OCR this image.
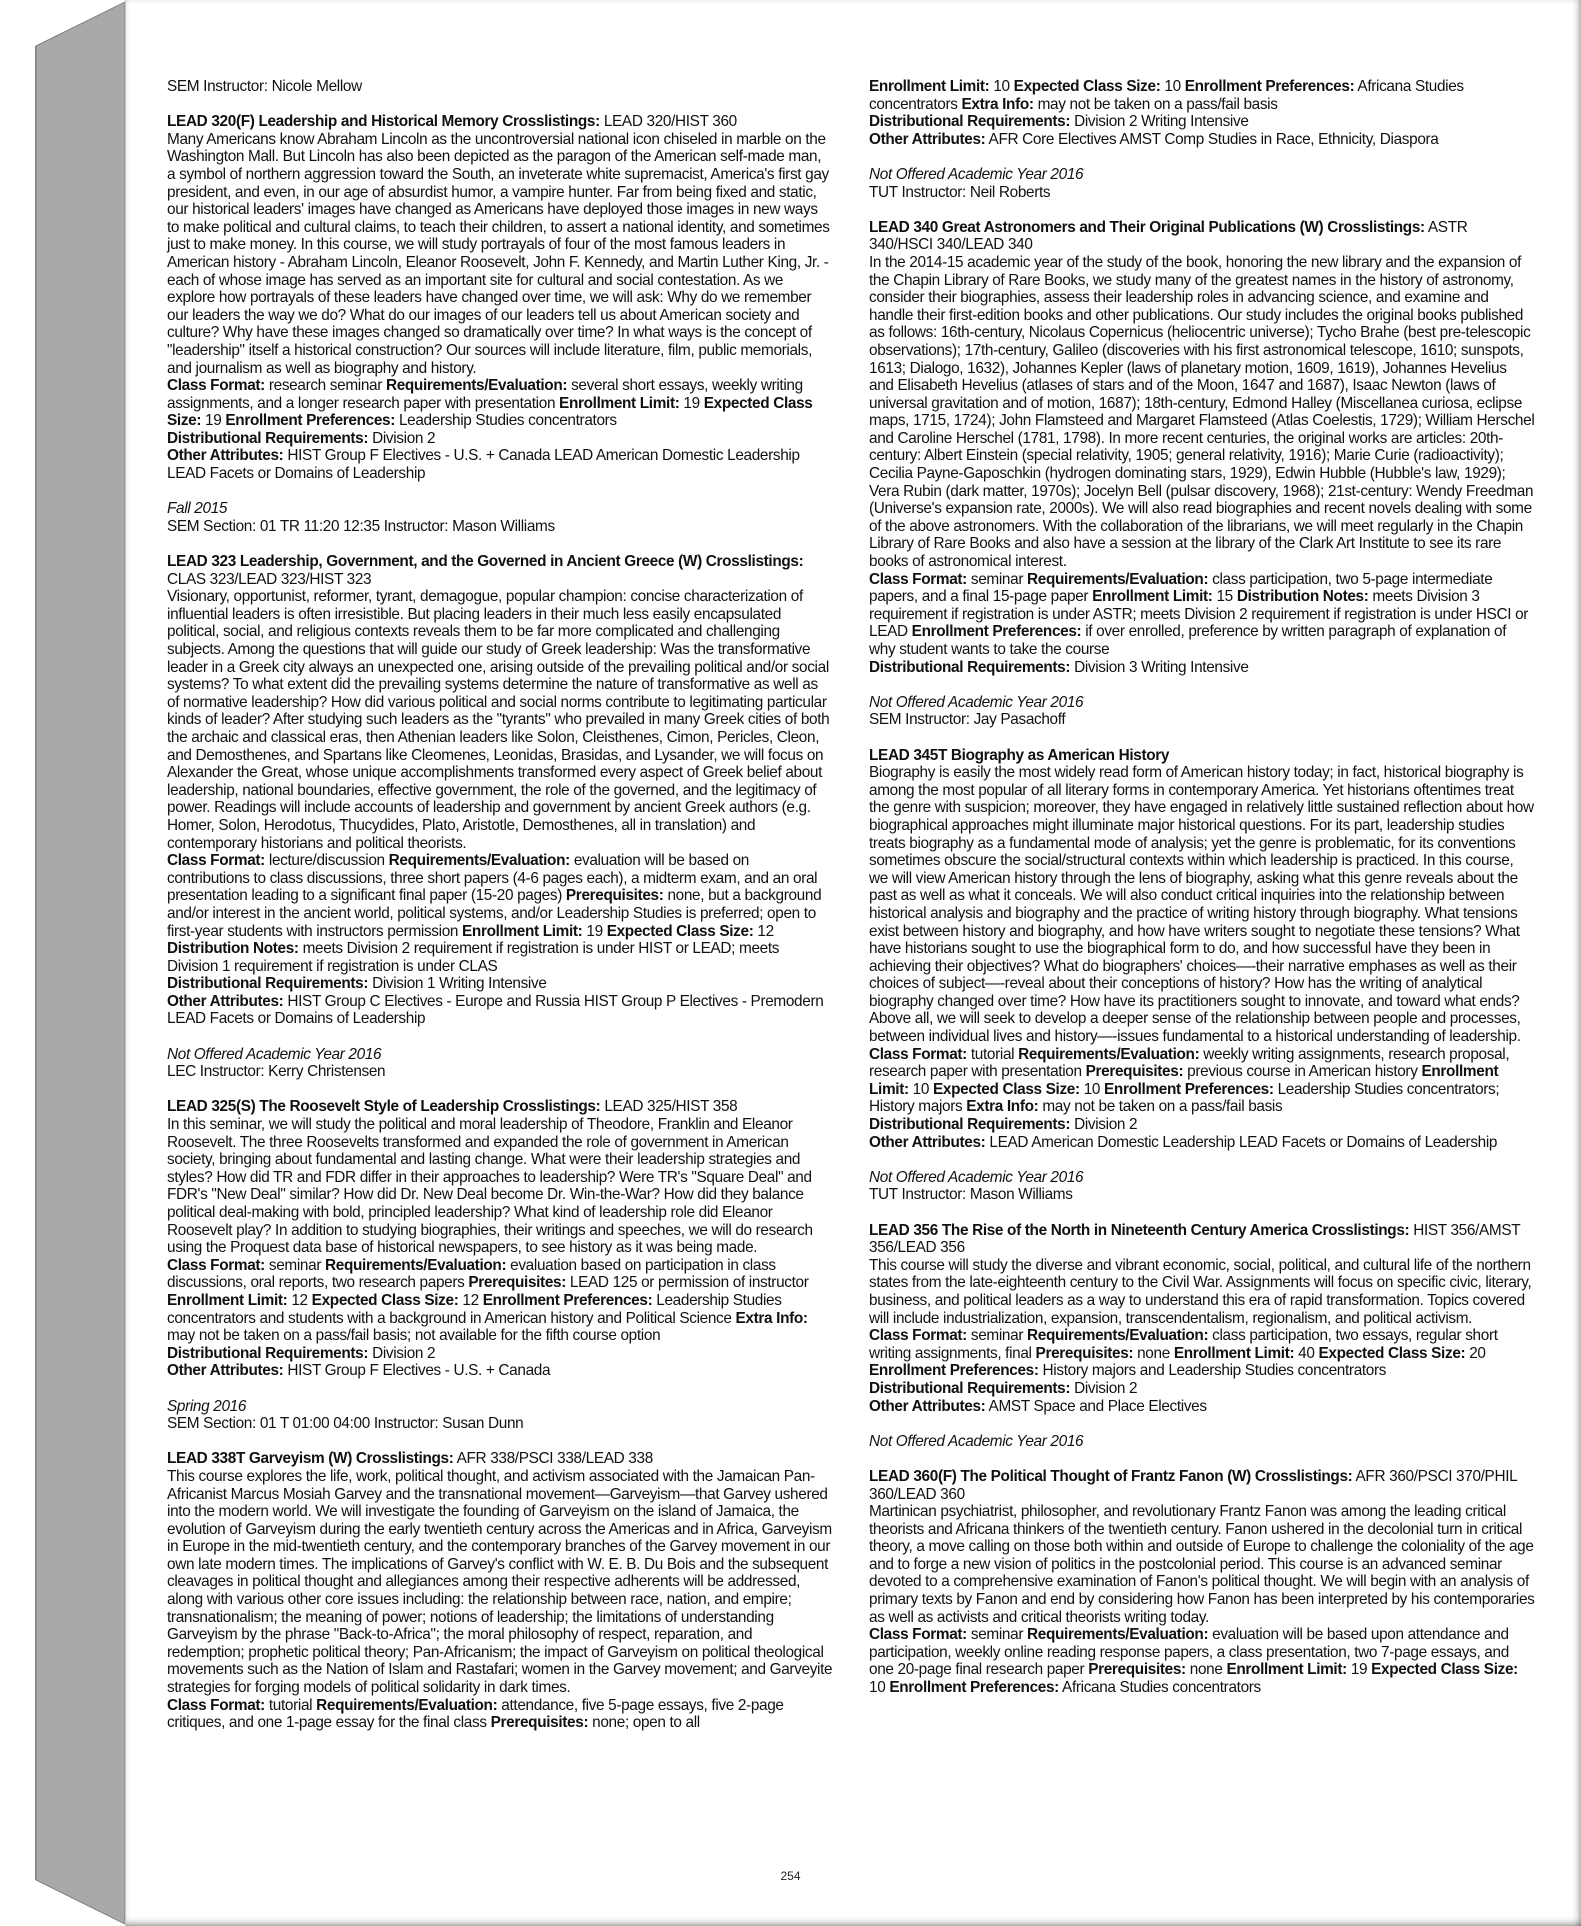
SEM Instructor: Nicole Mellow
LEAD 320(F) Leadership and Historical Memory Crosslistings: LEAD 320/HIST 360
Many Americans know Abraham Lincoln as the uncontroversial national icon chiseled in marble on the Washington Mall. But Lincoln has also been depicted as the paragon of the American self-made man, a symbol of northern aggression toward the South, an inveterate white supremacist, America's first gay president, and even, in our age of absurdist humor, a vampire hunter. Far from being fixed and static, our historical leaders' images have changed as Americans have deployed those images in new ways to make political and cultural claims, to teach their children, to assert a national identity, and sometimes just to make money. In this course, we will study portrayals of four of the most famous leaders in American history - Abraham Lincoln, Eleanor Roosevelt, John F. Kennedy, and Martin Luther King, Jr. - each of whose image has served as an important site for cultural and social contestation. As we explore how portrayals of these leaders have changed over time, we will ask: Why do we remember our leaders the way we do? What do our images of our leaders tell us about American society and culture? Why have these images changed so dramatically over time? In what ways is the concept of "leadership" itself a historical construction? Our sources will include literature, film, public memorials, and journalism as well as biography and history.
Class Format: research seminar Requirements/Evaluation: several short essays, weekly writing assignments, and a longer research paper with presentation Enrollment Limit: 19 Expected Class Size: 19 Enrollment Preferences: Leadership Studies concentrators
Distributional Requirements: Division 2
Other Attributes: HIST Group F Electives - U.S. + Canada LEAD American Domestic Leadership LEAD Facets or Domains of Leadership
Fall 2015
SEM Section: 01 TR 11:20 12:35 Instructor: Mason Williams
LEAD 323 Leadership, Government, and the Governed in Ancient Greece (W) Crosslistings: CLAS 323/LEAD 323/HIST 323
Visionary, opportunist, reformer, tyrant, demagogue, popular champion: concise characterization of influential leaders is often irresistible. But placing leaders in their much less easily encapsulated political, social, and religious contexts reveals them to be far more complicated and challenging subjects. Among the questions that will guide our study of Greek leadership: Was the transformative leader in a Greek city always an unexpected one, arising outside of the prevailing political and/or social systems? To what extent did the prevailing systems determine the nature of transformative as well as of normative leadership? How did various political and social norms contribute to legitimating particular kinds of leader? After studying such leaders as the "tyrants" who prevailed in many Greek cities of both the archaic and classical eras, then Athenian leaders like Solon, Cleisthenes, Cimon, Pericles, Cleon, and Demosthenes, and Spartans like Cleomenes, Leonidas, Brasidas, and Lysander, we will focus on Alexander the Great, whose unique accomplishments transformed every aspect of Greek belief about leadership, national boundaries, effective government, the role of the governed, and the legitimacy of power. Readings will include accounts of leadership and government by ancient Greek authors (e.g. Homer, Solon, Herodotus, Thucydides, Plato, Aristotle, Demosthenes, all in translation) and contemporary historians and political theorists.
Class Format: lecture/discussion Requirements/Evaluation: evaluation will be based on contributions to class discussions, three short papers (4-6 pages each), a midterm exam, and an oral presentation leading to a significant final paper (15-20 pages) Prerequisites: none, but a background and/or interest in the ancient world, political systems, and/or Leadership Studies is preferred; open to first-year students with instructors permission Enrollment Limit: 19 Expected Class Size: 12 Distribution Notes: meets Division 2 requirement if registration is under HIST or LEAD; meets Division 1 requirement if registration is under CLAS
Distributional Requirements: Division 1 Writing Intensive
Other Attributes: HIST Group C Electives - Europe and Russia HIST Group P Electives - Premodern LEAD Facets or Domains of Leadership
Not Offered Academic Year 2016
LEC Instructor: Kerry Christensen
LEAD 325(S) The Roosevelt Style of Leadership Crosslistings: LEAD 325/HIST 358
In this seminar, we will study the political and moral leadership of Theodore, Franklin and Eleanor Roosevelt. The three Roosevelts transformed and expanded the role of government in American society, bringing about fundamental and lasting change. What were their leadership strategies and styles? How did TR and FDR differ in their approaches to leadership? Were TR's "Square Deal" and FDR's "New Deal" similar? How did Dr. New Deal become Dr. Win-the-War? How did they balance political deal-making with bold, principled leadership? What kind of leadership role did Eleanor Roosevelt play? In addition to studying biographies, their writings and speeches, we will do research using the Proquest data base of historical newspapers, to see history as it was being made.
Class Format: seminar Requirements/Evaluation: evaluation based on participation in class discussions, oral reports, two research papers Prerequisites: LEAD 125 or permission of instructor Enrollment Limit: 12 Expected Class Size: 12 Enrollment Preferences: Leadership Studies concentrators and students with a background in American history and Political Science Extra Info: may not be taken on a pass/fail basis; not available for the fifth course option
Distributional Requirements: Division 2
Other Attributes: HIST Group F Electives - U.S. + Canada
Spring 2016
SEM Section: 01 T 01:00 04:00 Instructor: Susan Dunn
LEAD 338T Garveyism (W) Crosslistings: AFR 338/PSCI 338/LEAD 338
This course explores the life, work, political thought, and activism associated with the Jamaican Pan-Africanist Marcus Mosiah Garvey and the transnational movement—Garveyism—that Garvey ushered into the modern world. We will investigate the founding of Garveyism on the island of Jamaica, the evolution of Garveyism during the early twentieth century across the Americas and in Africa, Garveyism in Europe in the mid-twentieth century, and the contemporary branches of the Garvey movement in our own late modern times. The implications of Garvey's conflict with W. E. B. Du Bois and the subsequent cleavages in political thought and allegiances among their respective adherents will be addressed, along with various other core issues including: the relationship between race, nation, and empire; transnationalism; the meaning of power; notions of leadership; the limitations of understanding Garveyism by the phrase "Back-to-Africa"; the moral philosophy of respect, reparation, and redemption; prophetic political theory; Pan-Africanism; the impact of Garveyism on political theological movements such as the Nation of Islam and Rastafari; women in the Garvey movement; and Garveyite strategies for forging models of political solidarity in dark times.
Class Format: tutorial Requirements/Evaluation: attendance, five 5-page essays, five 2-page critiques, and one 1-page essay for the final class Prerequisites: none; open to all
Enrollment Limit: 10 Expected Class Size: 10 Enrollment Preferences: Africana Studies concentrators Extra Info: may not be taken on a pass/fail basis
Distributional Requirements: Division 2 Writing Intensive
Other Attributes: AFR Core Electives AMST Comp Studies in Race, Ethnicity, Diaspora
Not Offered Academic Year 2016
TUT Instructor: Neil Roberts
LEAD 340 Great Astronomers and Their Original Publications (W) Crosslistings: ASTR 340/HSCI 340/LEAD 340
In the 2014-15 academic year of the study of the book, honoring the new library and the expansion of the Chapin Library of Rare Books, we study many of the greatest names in the history of astronomy, consider their biographies, assess their leadership roles in advancing science, and examine and handle their first-edition books and other publications. Our study includes the original books published as follows: 16th-century, Nicolaus Copernicus (heliocentric universe); Tycho Brahe (best pre-telescopic observations); 17th-century, Galileo (discoveries with his first astronomical telescope, 1610; sunspots, 1613; Dialogo, 1632), Johannes Kepler (laws of planetary motion, 1609, 1619), Johannes Hevelius and Elisabeth Hevelius (atlases of stars and of the Moon, 1647 and 1687), Isaac Newton (laws of universal gravitation and of motion, 1687); 18th-century, Edmond Halley (Miscellanea curiosa, eclipse maps, 1715, 1724); John Flamsteed and Margaret Flamsteed (Atlas Coelestis, 1729); William Herschel and Caroline Herschel (1781, 1798). In more recent centuries, the original works are articles: 20th-century: Albert Einstein (special relativity, 1905; general relativity, 1916); Marie Curie (radioactivity); Cecilia Payne-Gaposchkin (hydrogen dominating stars, 1929), Edwin Hubble (Hubble's law, 1929); Vera Rubin (dark matter, 1970s); Jocelyn Bell (pulsar discovery, 1968); 21st-century: Wendy Freedman (Universe's expansion rate, 2000s). We will also read biographies and recent novels dealing with some of the above astronomers. With the collaboration of the librarians, we will meet regularly in the Chapin Library of Rare Books and also have a session at the library of the Clark Art Institute to see its rare books of astronomical interest.
Class Format: seminar Requirements/Evaluation: class participation, two 5-page intermediate papers, and a final 15-page paper Enrollment Limit: 15 Distribution Notes: meets Division 3 requirement if registration is under ASTR; meets Division 2 requirement if registration is under HSCI or LEAD Enrollment Preferences: if over enrolled, preference by written paragraph of explanation of why student wants to take the course
Distributional Requirements: Division 3 Writing Intensive
Not Offered Academic Year 2016
SEM Instructor: Jay Pasachoff
LEAD 345T Biography as American History
Biography is easily the most widely read form of American history today; in fact, historical biography is among the most popular of all literary forms in contemporary America. Yet historians oftentimes treat the genre with suspicion; moreover, they have engaged in relatively little sustained reflection about how biographical approaches might illuminate major historical questions. For its part, leadership studies treats biography as a fundamental mode of analysis; yet the genre is problematic, for its conventions sometimes obscure the social/structural contexts within which leadership is practiced. In this course, we will view American history through the lens of biography, asking what this genre reveals about the past as well as what it conceals. We will also conduct critical inquiries into the relationship between historical analysis and biography and the practice of writing history through biography. What tensions exist between history and biography, and how have writers sought to negotiate these tensions? What have historians sought to use the biographical form to do, and how successful have they been in achieving their objectives? What do biographers' choices—-their narrative emphases as well as their choices of subject—-reveal about their conceptions of history? How has the writing of analytical biography changed over time? How have its practitioners sought to innovate, and toward what ends? Above all, we will seek to develop a deeper sense of the relationship between people and processes, between individual lives and history—-issues fundamental to a historical understanding of leadership.
Class Format: tutorial Requirements/Evaluation: weekly writing assignments, research proposal, research paper with presentation Prerequisites: previous course in American history Enrollment Limit: 10 Expected Class Size: 10 Enrollment Preferences: Leadership Studies concentrators; History majors Extra Info: may not be taken on a pass/fail basis
Distributional Requirements: Division 2
Other Attributes: LEAD American Domestic Leadership LEAD Facets or Domains of Leadership
Not Offered Academic Year 2016
TUT Instructor: Mason Williams
LEAD 356 The Rise of the North in Nineteenth Century America Crosslistings: HIST 356/AMST 356/LEAD 356
This course will study the diverse and vibrant economic, social, political, and cultural life of the northern states from the late-eighteenth century to the Civil War. Assignments will focus on specific civic, literary, business, and political leaders as a way to understand this era of rapid transformation. Topics covered will include industrialization, expansion, transcendentalism, regionalism, and political activism.
Class Format: seminar Requirements/Evaluation: class participation, two essays, regular short writing assignments, final Prerequisites: none Enrollment Limit: 40 Expected Class Size: 20 Enrollment Preferences: History majors and Leadership Studies concentrators
Distributional Requirements: Division 2
Other Attributes: AMST Space and Place Electives
Not Offered Academic Year 2016
LEAD 360(F) The Political Thought of Frantz Fanon (W) Crosslistings: AFR 360/PSCI 370/PHIL 360/LEAD 360
Martinican psychiatrist, philosopher, and revolutionary Frantz Fanon was among the leading critical theorists and Africana thinkers of the twentieth century. Fanon ushered in the decolonial turn in critical theory, a move calling on those both within and outside of Europe to challenge the coloniality of the age and to forge a new vision of politics in the postcolonial period. This course is an advanced seminar devoted to a comprehensive examination of Fanon's political thought. We will begin with an analysis of primary texts by Fanon and end by considering how Fanon has been interpreted by his contemporaries as well as activists and critical theorists writing today.
Class Format: seminar Requirements/Evaluation: evaluation will be based upon attendance and participation, weekly online reading response papers, a class presentation, two 7-page essays, and one 20-page final research paper Prerequisites: none Enrollment Limit: 19 Expected Class Size: 10 Enrollment Preferences: Africana Studies concentrators
254
